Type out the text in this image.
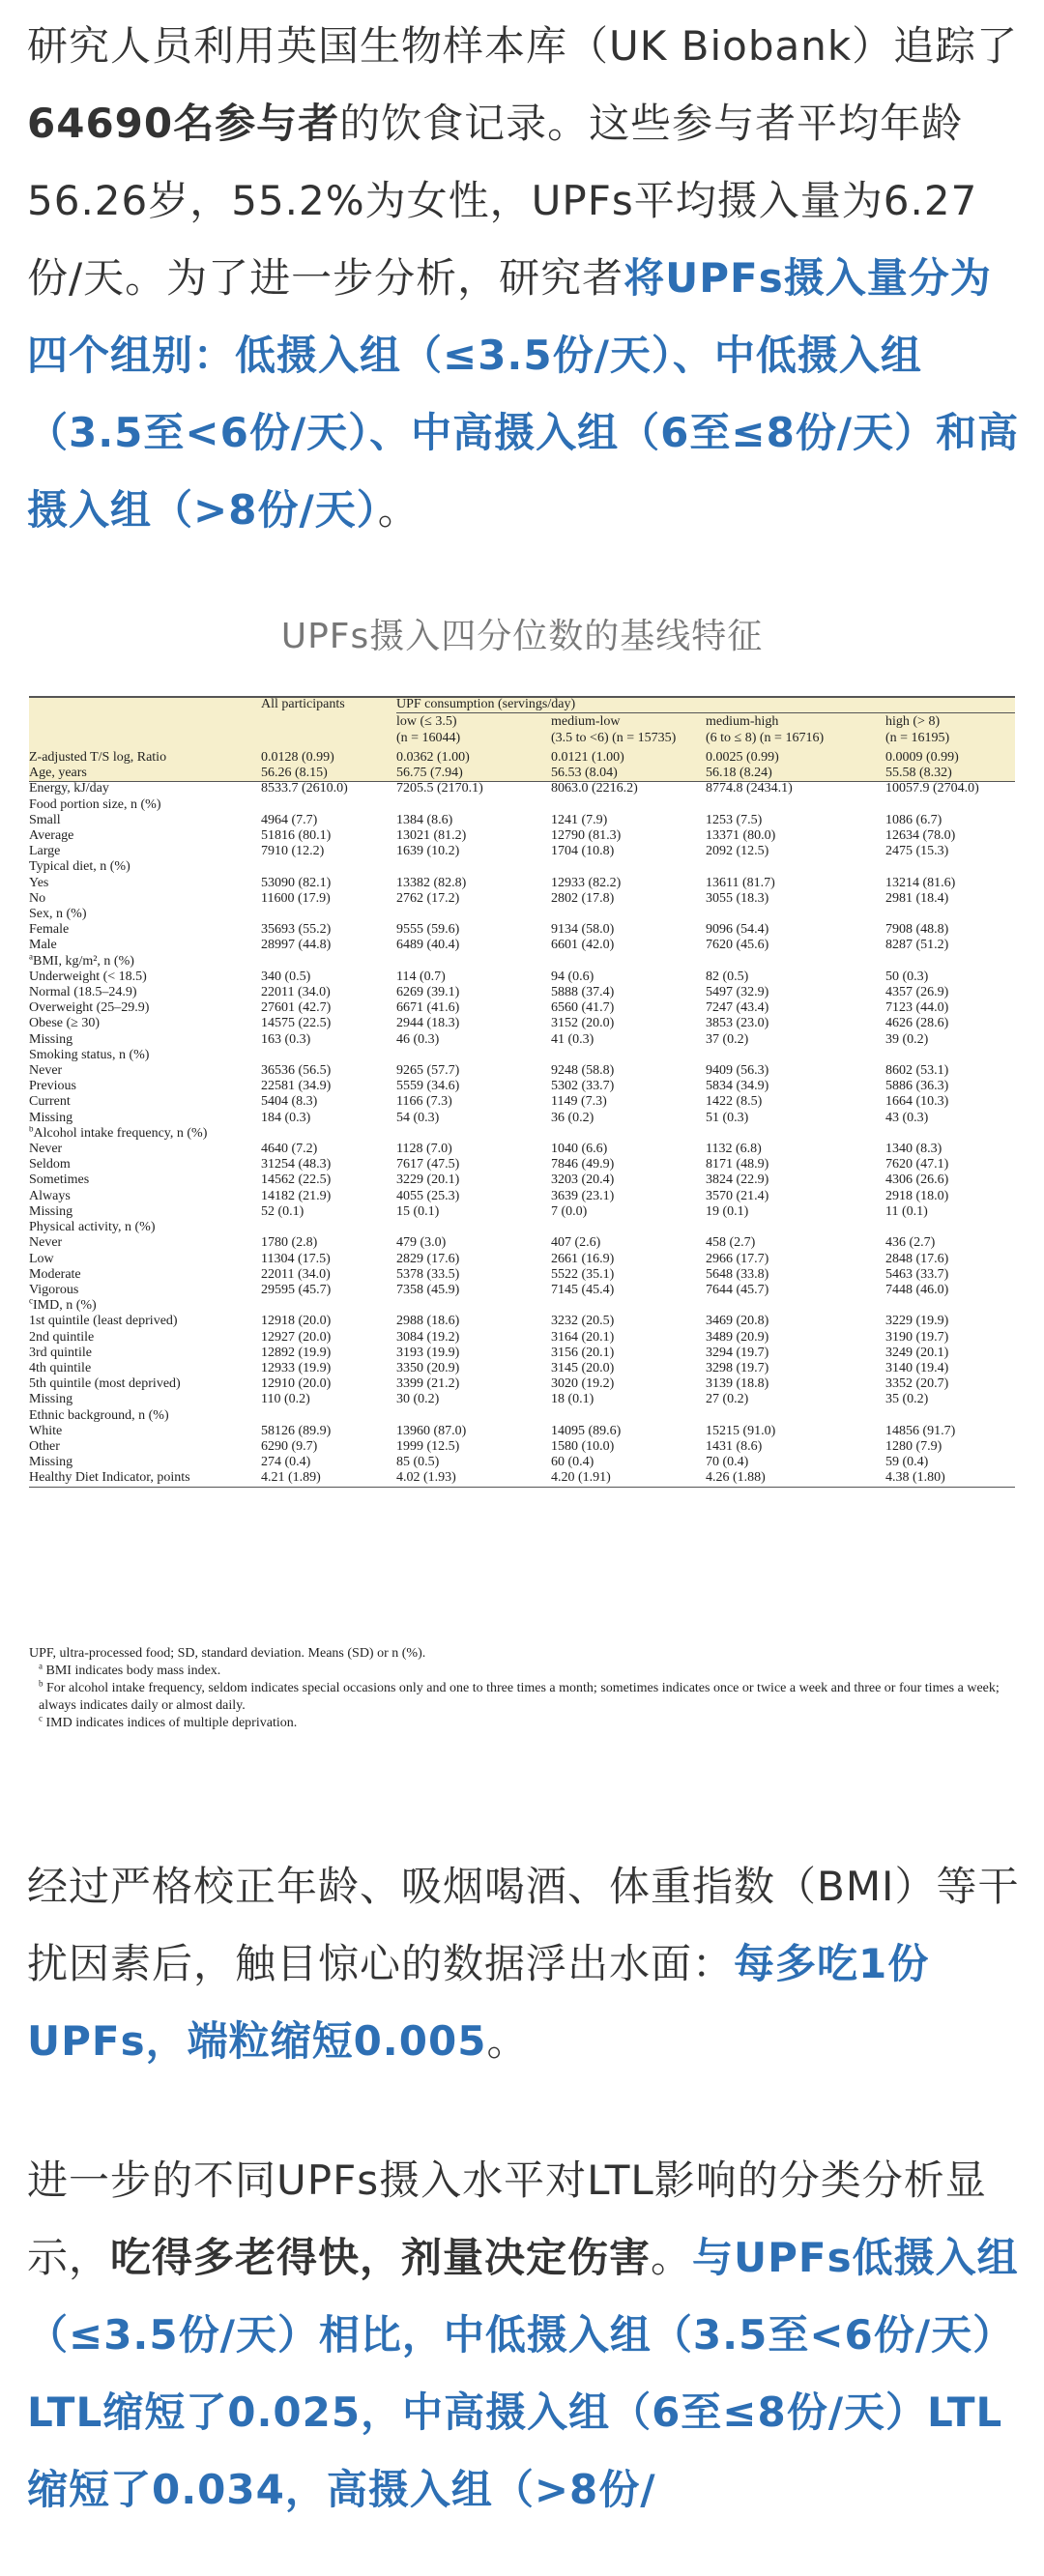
研究人员利用英国生物样本库（UK Biobank）追踪了64690名参与者的饮食记录。这些参与者平均年龄56.26岁，55.2%为女性，UPFs平均摄入量为6.27份/天。为了进一步分析，研究者将UPFs摄入量分为四个组别：低摄入组（≤3.5份/天）、中低摄入组（3.5至<6份/天）、中高摄入组（6至≤8份/天）和高摄入组（>8份/天）。

UPFs摄入四分位数的基线特征
	All participants	UPF consumption (servings/day)			
		low (≤ 3.5)	medium-low	medium-high	high (> 8)
		(n = 16044)	(3.5 to <6) (n = 15735)	(6 to ≤ 8) (n = 16716)	(n = 16195)
Z-adjusted T/S log, Ratio	0.0128 (0.99)	0.0362 (1.00)	0.0121 (1.00)	0.0025 (0.99)	0.0009 (0.99)
Age, years	56.26 (8.15)	56.75 (7.94)	56.53 (8.04)	56.18 (8.24)	55.58 (8.32)
Energy, kJ/day	8533.7 (2610.0)	7205.5 (2170.1)	8063.0 (2216.2)	8774.8 (2434.1)	10057.9 (2704.0)
Food portion size, n (%)					
Small	4964 (7.7)	1384 (8.6)	1241 (7.9)	1253 (7.5)	1086 (6.7)
Average	51816 (80.1)	13021 (81.2)	12790 (81.3)	13371 (80.0)	12634 (78.0)
Large	7910 (12.2)	1639 (10.2)	1704 (10.8)	2092 (12.5)	2475 (15.3)
Typical diet, n (%)					
Yes	53090 (82.1)	13382 (82.8)	12933 (82.2)	13611 (81.7)	13214 (81.6)
No	11600 (17.9)	2762 (17.2)	2802 (17.8)	3055 (18.3)	2981 (18.4)
Sex, n (%)					
Female	35693 (55.2)	9555 (59.6)	9134 (58.0)	9096 (54.4)	7908 (48.8)
Male	28997 (44.8)	6489 (40.4)	6601 (42.0)	7620 (45.6)	8287 (51.2)
$^a$BMI, kg/m², n (%)					
Underweight (< 18.5)	340 (0.5)	114 (0.7)	94 (0.6)	82 (0.5)	50 (0.3)
Normal (18.5–24.9)	22011 (34.0)	6269 (39.1)	5888 (37.4)	5497 (32.9)	4357 (26.9)
Overweight (25–29.9)	27601 (42.7)	6671 (41.6)	6560 (41.7)	7247 (43.4)	7123 (44.0)
Obese (≥ 30)	14575 (22.5)	2944 (18.3)	3152 (20.0)	3853 (23.0)	4626 (28.6)
Missing	163 (0.3)	46 (0.3)	41 (0.3)	37 (0.2)	39 (0.2)
Smoking status, n (%)					
Never	36536 (56.5)	9265 (57.7)	9248 (58.8)	9409 (56.3)	8602 (53.1)
Previous	22581 (34.9)	5559 (34.6)	5302 (33.7)	5834 (34.9)	5886 (36.3)
Current	5404 (8.3)	1166 (7.3)	1149 (7.3)	1422 (8.5)	1664 (10.3)
Missing	184 (0.3)	54 (0.3)	36 (0.2)	51 (0.3)	43 (0.3)
$^b$Alcohol intake frequency, n (%)					
Never	4640 (7.2)	1128 (7.0)	1040 (6.6)	1132 (6.8)	1340 (8.3)
Seldom	31254 (48.3)	7617 (47.5)	7846 (49.9)	8171 (48.9)	7620 (47.1)
Sometimes	14562 (22.5)	3229 (20.1)	3203 (20.4)	3824 (22.9)	4306 (26.6)
Always	14182 (21.9)	4055 (25.3)	3639 (23.1)	3570 (21.4)	2918 (18.0)
Missing	52 (0.1)	15 (0.1)	7 (0.0)	19 (0.1)	11 (0.1)
Physical activity, n (%)					
Never	1780 (2.8)	479 (3.0)	407 (2.6)	458 (2.7)	436 (2.7)
Low	11304 (17.5)	2829 (17.6)	2661 (16.9)	2966 (17.7)	2848 (17.6)
Moderate	22011 (34.0)	5378 (33.5)	5522 (35.1)	5648 (33.8)	5463 (33.7)
Vigorous	29595 (45.7)	7358 (45.9)	7145 (45.4)	7644 (45.7)	7448 (46.0)
$^c$IMD, n (%)					
1st quintile (least deprived)	12918 (20.0)	2988 (18.6)	3232 (20.5)	3469 (20.8)	3229 (19.9)
2nd quintile	12927 (20.0)	3084 (19.2)	3164 (20.1)	3489 (20.9)	3190 (19.7)
3rd quintile	12892 (19.9)	3193 (19.9)	3156 (20.1)	3294 (19.7)	3249 (20.1)
4th quintile	12933 (19.9)	3350 (20.9)	3145 (20.0)	3298 (19.7)	3140 (19.4)
5th quintile (most deprived)	12910 (20.0)	3399 (21.2)	3020 (19.2)	3139 (18.8)	3352 (20.7)
Missing	110 (0.2)	30 (0.2)	18 (0.1)	27 (0.2)	35 (0.2)
Ethnic background, n (%)					
White	58126 (89.9)	13960 (87.0)	14095 (89.6)	15215 (91.0)	14856 (91.7)
Other	6290 (9.7)	1999 (12.5)	1580 (10.0)	1431 (8.6)	1280 (7.9)
Missing	274 (0.4)	85 (0.5)	60 (0.4)	70 (0.4)	59 (0.4)
Healthy Diet Indicator, points	4.21 (1.89)	4.02 (1.93)	4.20 (1.91)	4.26 (1.88)	4.38 (1.80)
UPF, ultra-processed food; SD, standard deviation. Means (SD) or n (%).
$^a$ BMI indicates body mass index.
$^b$ For alcohol intake frequency, seldom indicates special occasions only and one to three times a month; sometimes indicates once or twice a week and three or four times a week; always indicates daily or almost daily.
$^c$ IMD indicates indices of multiple deprivation.

经过严格校正年龄、吸烟喝酒、体重指数（BMI）等干扰因素后，触目惊心的数据浮出水面：每多吃1份UPFs，端粒缩短0.005。

进一步的不同UPFs摄入水平对LTL影响的分类分析显示，吃得多老得快，剂量决定伤害。与UPFs低摄入组（≤3.5份/天）相比，中低摄入组（3.5至<6份/天）LTL缩短了0.025，中高摄入组（6至≤8份/天）LTL缩短了0.034，高摄入组（>8份/
